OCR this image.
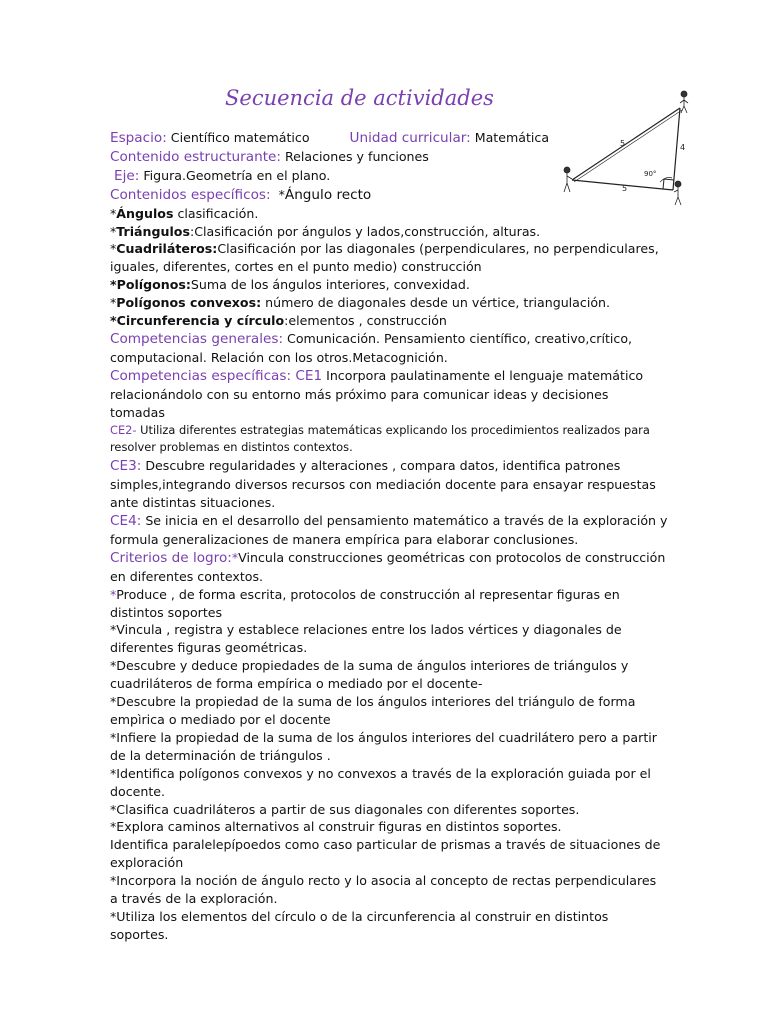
Secuencia de actividades
5	4
5
90°
Espacio: Científico matemático	Unidad curricular: Matemática
Contenido estructurante: Relaciones y funciones
Eje: Figura.Geometría en el plano.
Contenidos específicos:  *Ángulo recto
*Ángulos clasificación.
*Triángulos:Clasificación por ángulos y lados,construcción, alturas.
*Cuadriláteros:Clasificación por las diagonales (perpendiculares, no perpendiculares,
iguales, diferentes, cortes en el punto medio) construcción
*Polígonos:Suma de los ángulos interiores, convexidad.
*Polígonos convexos: número de diagonales desde un vértice, triangulación.
*Circunferencia y círculo:elementos , construcción
Competencias generales: Comunicación. Pensamiento científico, creativo,crítico,
computacional. Relación con los otros.Metacognición.
Competencias específicas: CE1 Incorpora paulatinamente el lenguaje matemático
relacionándolo con su entorno más próximo para comunicar ideas y decisiones
tomadas
CE2- Utiliza diferentes estrategias matemáticas explicando los procedimientos realizados para
resolver problemas en distintos contextos.
CE3: Descubre regularidades y alteraciones , compara datos, identifica patrones
simples,integrando diversos recursos con mediación docente para ensayar respuestas
ante distintas situaciones.
CE4: Se inicia en el desarrollo del pensamiento matemático a través de la exploración y
formula generalizaciones de manera empírica para elaborar conclusiones.
Criterios de logro:*Vincula construcciones geométricas con protocolos de construcción
en diferentes contextos.
*Produce , de forma escrita, protocolos de construcción al representar figuras en
distintos soportes
*Vincula , registra y establece relaciones entre los lados vértices y diagonales de
diferentes figuras geométricas.
*Descubre y deduce propiedades de la suma de ángulos interiores de triángulos y
cuadriláteros de forma empírica o mediado por el docente-
*Descubre la propiedad de la suma de los ángulos interiores del triángulo de forma
empìrica o mediado por el docente
*Infiere la propiedad de la suma de los ángulos interiores del cuadrilátero pero a partir
de la determinación de triángulos .
*Identifica polígonos convexos y no convexos a través de la exploración guiada por el
docente.
*Clasifica cuadriláteros a partir de sus diagonales con diferentes soportes.
*Explora caminos alternativos al construir figuras en distintos soportes.
Identifica paralelepípoedos como caso particular de prismas a través de situaciones de
exploración
*Incorpora la noción de ángulo recto y lo asocia al concepto de rectas perpendiculares
a través de la exploración.
*Utiliza los elementos del círculo o de la circunferencia al construir en distintos
soportes.
